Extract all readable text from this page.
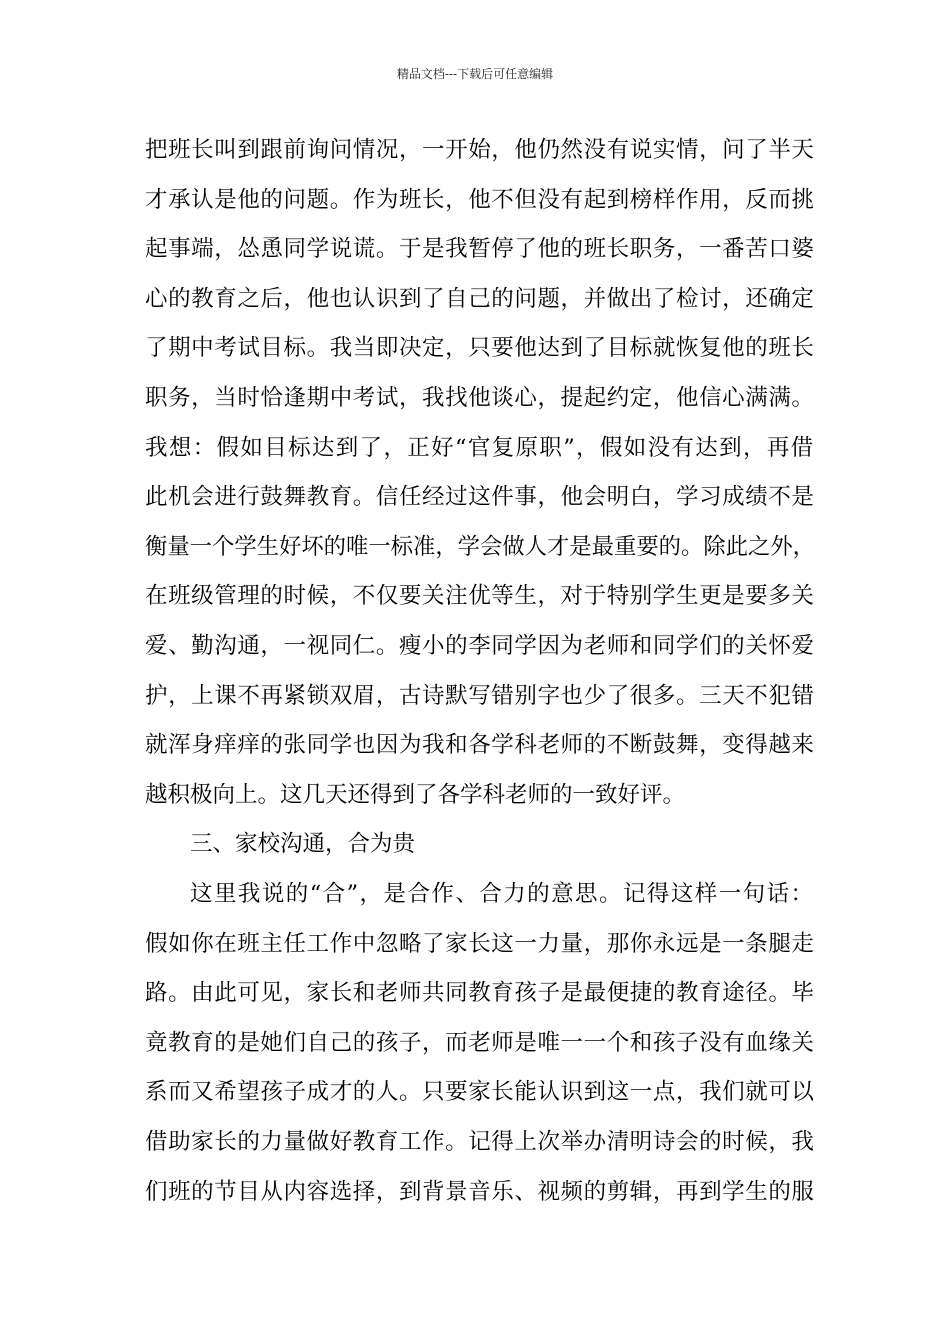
精品文档---下载后可任意编辑
把班长叫到跟前询问情况，一开始，他仍然没有说实情，问了半天
才承认是他的问题。作为班长，他不但没有起到榜样作用，反而挑
起事端，怂恿同学说谎。于是我暂停了他的班长职务，一番苦口婆
心的教育之后，他也认识到了自己的问题，并做出了检讨，还确定
了期中考试目标。我当即决定，只要他达到了目标就恢复他的班长
职务，当时恰逢期中考试，我找他谈心，提起约定，他信心满满。
我想：假如目标达到了，正好“官复原职”，假如没有达到，再借
此机会进行鼓舞教育。信任经过这件事，他会明白，学习成绩不是
衡量一个学生好坏的唯一标准，学会做人才是最重要的。除此之外，
在班级管理的时候，不仅要关注优等生，对于特别学生更是要多关
爱、勤沟通，一视同仁。瘦小的李同学因为老师和同学们的关怀爱
护，上课不再紧锁双眉，古诗默写错别字也少了很多。三天不犯错
就浑身痒痒的张同学也因为我和各学科老师的不断鼓舞，变得越来
越积极向上。这几天还得到了各学科老师的一致好评。
三、家校沟通，合为贵
这里我说的“合”，是合作、合力的意思。记得这样一句话：
假如你在班主任工作中忽略了家长这一力量，那你永远是一条腿走
路。由此可见，家长和老师共同教育孩子是最便捷的教育途径。毕
竟教育的是她们自己的孩子，而老师是唯一一个和孩子没有血缘关
系而又希望孩子成才的人。只要家长能认识到这一点，我们就可以
借助家长的力量做好教育工作。记得上次举办清明诗会的时候，我
们班的节目从内容选择，到背景音乐、视频的剪辑，再到学生的服
